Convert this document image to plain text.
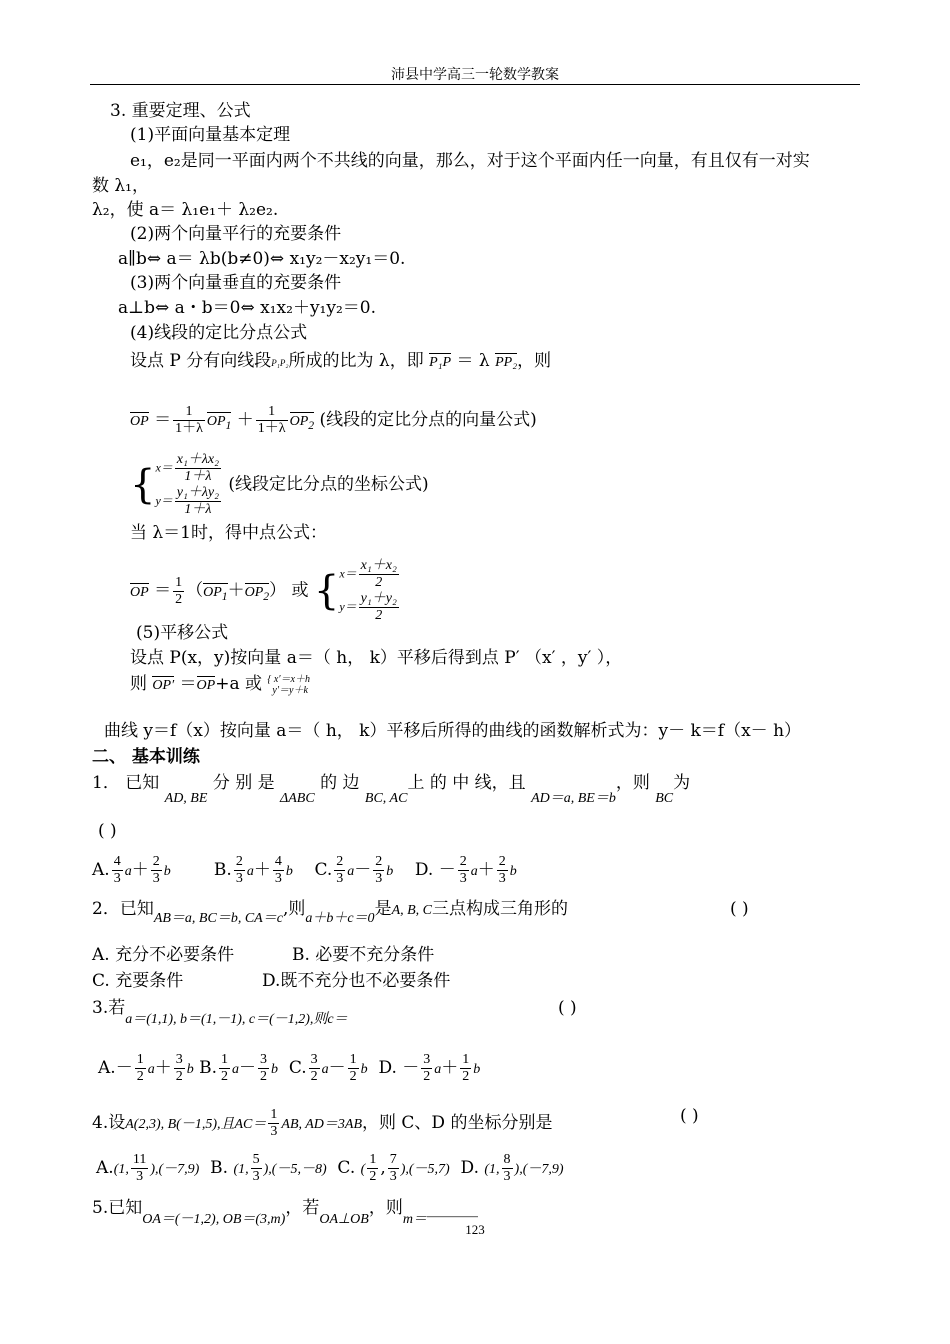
沛县中学高三一轮数学教案
3. 重要定理、公式
(1)平面向量基本定理
e₁，e₂是同一平面内两个不共线的向量，那么，对于这个平面内任一向量，有且仅有一对实
数 λ₁，
λ₂，使 a＝ λ₁e₁＋ λ₂e₂.
(2)两个向量平行的充要条件
a∥b⇔ a＝ λb(b≠0)⇔ x₁y₂－x₂y₁＝0.
(3)两个向量垂直的充要条件
a⊥b⇔ a・b＝0⇔ x₁x₂＋y₁y₂＝0.
(4)线段的定比分点公式
设点 P 分有向线段P₁P₂所成的比为 λ，即 P₁P ＝ λ PP₂，则
OP ＝ $\frac{1}{1+\lambda} OP_1 + \frac{1}{1+\lambda} OP_2$ (线段的定比分点的向量公式)
{$x= \frac{\text{x₁＋λx₂}}{1+\lambda}$

$y= \frac{\text{y₁＋λy₂}}{1+\lambda}$
(线段定比分点的坐标公式)
当 λ＝1时，得中点公式：
OP ＝ $\frac{1}{2} (OP_1+OP_2)$ 或 {$x= \frac{\text{x₁＋x₂}}{2}$

$y= \frac{\text{y₁＋y₂}}{2}$
(5)平移公式
设点 P(x，y)按向量 a＝（ h， k）平移后得到点 P′ （x′ ，y′ ），
则 OP′ ＝OP+a 或 { x′＝x＋h
y′＝y＋k
曲线 y＝f（x）按向量 a＝（ h， k）平移后所得的曲线的函数解析式为：y－ k＝f（x－ h）
二、 基本训练
1． 已知 $_{AD, BE}$ 分 别 是 $_{\Delta ABC}$ 的 边 $_{BC, AC}$上 的 中 线，且 $_{AD=a, BE=b}$，则 $_{BC}$为
( )
A. $\frac{4}{3} a+ \frac{2}{3}$ b	B. $\frac{2}{3} a+ \frac{4}{3}$ b C. $\frac{2}{3} a- \frac{2}{3}$ b D. － $\frac{2}{3} a+ \frac{2}{3}$ b
2．已知$_{AB=a, BC=b, CA=c}$,则$_{a+b+c=0}$是A, B, C三点构成三角形的	( )
A. 充分不必要条件	B. 必要不充分条件
C. 充要条件	D.既不充分也不必要条件
3.若$_{a=(1,1), b=(1,-1), c=(-1,2),则c=}$
( )
$A.- \frac{1}{2} a+ \frac{3}{2}$ b B. $\frac{1}{2} a- \frac{3}{2}$ b C. $\frac{3}{2} a- \frac{1}{2}$ b D. － $\frac{3}{2} a+ \frac{1}{2}$ b
4.设A(2,3), B(－1,5),且$AC= \frac{1}{3}$ AB, AD＝3AB，则 C、D 的坐标分别是	( )
A.(1, $\frac{11}{3} ),(-7,9)$  B. (1, $\frac{5}{3} ),(-5,-8)$  C. ( $\frac{1}{2}$ , $\frac{7}{3} ),(-5,7)$  D. (1, $\frac{8}{3} ),(-7,9)$
5.已知$_{OA=(-1,2), OB=(3,m)}$，若$_{OA\perp OB}$，则$_{m=}$______
123
